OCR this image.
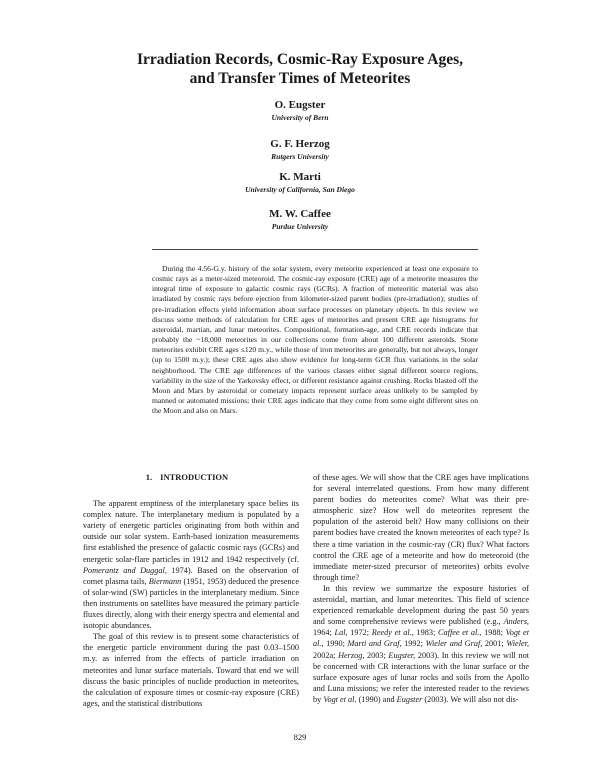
Irradiation Records, Cosmic-Ray Exposure Ages,
and Transfer Times of Meteorites
O. Eugster
University of Bern
G. F. Herzog
Rutgers University
K. Marti
University of California, San Diego
M. W. Caffee
Purdue University

During the 4.56-G.y. history of the solar system, every meteorite experienced at least one exposure to cosmic rays as a meter-sized meteoroid. The cosmic-ray exposure (CRE) age of a meteorite measures the integral time of exposure to galactic cosmic rays (GCRs). A fraction of meteoritic material was also irradiated by cosmic rays before ejection from kilometer-sized parent bodies (pre-irradiation); studies of pre-irradiation effects yield information about surface processes on planetary objects. In this review we discuss some methods of calculation for CRE ages of meteorites and present CRE age histograms for asteroidal, martian, and lunar meteorites. Compositional, formation-age, and CRE records indicate that probably the ~18,000 meteorites in our collections come from about 100 different asteroids. Stone meteorites exhibit CRE ages ≤120 m.y., while those of iron meteorites are generally, but not always, longer (up to 1500 m.y.); these CRE ages also show evidence for long-term GCR flux variations in the solar neighborhood. The CRE age differences of the various classes either signal different source regions, variability in the size of the Yarkovsky effect, or different resistance against crushing. Rocks blasted off the Moon and Mars by asteroidal or cometary impacts represent surface areas unlikely to be sampled by manned or automated missions; their CRE ages indicate that they come from some eight different sites on the Moon and also on Mars.

1. INTRODUCTION

The apparent emptiness of the interplanetary space belies its complex nature. The interplanetary medium is populated by a variety of energetic particles originating from both within and outside our solar system. Earth-based ionization measurements first established the presence of galactic cosmic rays (GCRs) and energetic solar-flare particles in 1912 and 1942 respectively (cf. Pomerantz and Duggal, 1974). Based on the observation of comet plasma tails, Biermann (1951, 1953) deduced the presence of solar-wind (SW) particles in the interplanetary medium. Since then instruments on satellites have measured the primary particle fluxes directly, along with their energy spectra and elemental and isotopic abundances.

The goal of this review is to present some characteristics of the energetic particle environment during the past 0.03–1500 m.y. as inferred from the effects of particle irradiation on meteorites and lunar surface materials. Toward that end we will discuss the basic principles of nuclide production in meteorites, the calculation of exposure times or cosmic-ray exposure (CRE) ages, and the statistical distributions

of these ages. We will show that the CRE ages have implications for several interrelated questions. From how many different parent bodies do meteorites come? What was their pre-atmospheric size? How well do meteorites represent the population of the asteroid belt? How many collisions on their parent bodies have created the known meteorites of each type? Is there a time variation in the cosmic-ray (CR) flux? What factors control the CRE age of a meteorite and how do meteoroid (the immediate meter-sized precursor of meteorites) orbits evolve through time?

In this review we summarize the exposure histories of asteroidal, martian, and lunar meteorites. This field of science experienced remarkable development during the past 50 years and some comprehensive reviews were published (e.g., Anders, 1964; Lal, 1972; Reedy et al., 1983; Caffee et al., 1988; Vogt et al., 1990; Marti and Graf, 1992; Wieler and Graf, 2001; Wieler, 2002a; Herzog, 2003; Eugster, 2003). In this review we will not be concerned with CR interactions with the lunar surface or the surface exposure ages of lunar rocks and soils from the Apollo and Luna missions; we refer the interested reader to the reviews by Vogt et al. (1990) and Eugster (2003). We will also not dis-

829
